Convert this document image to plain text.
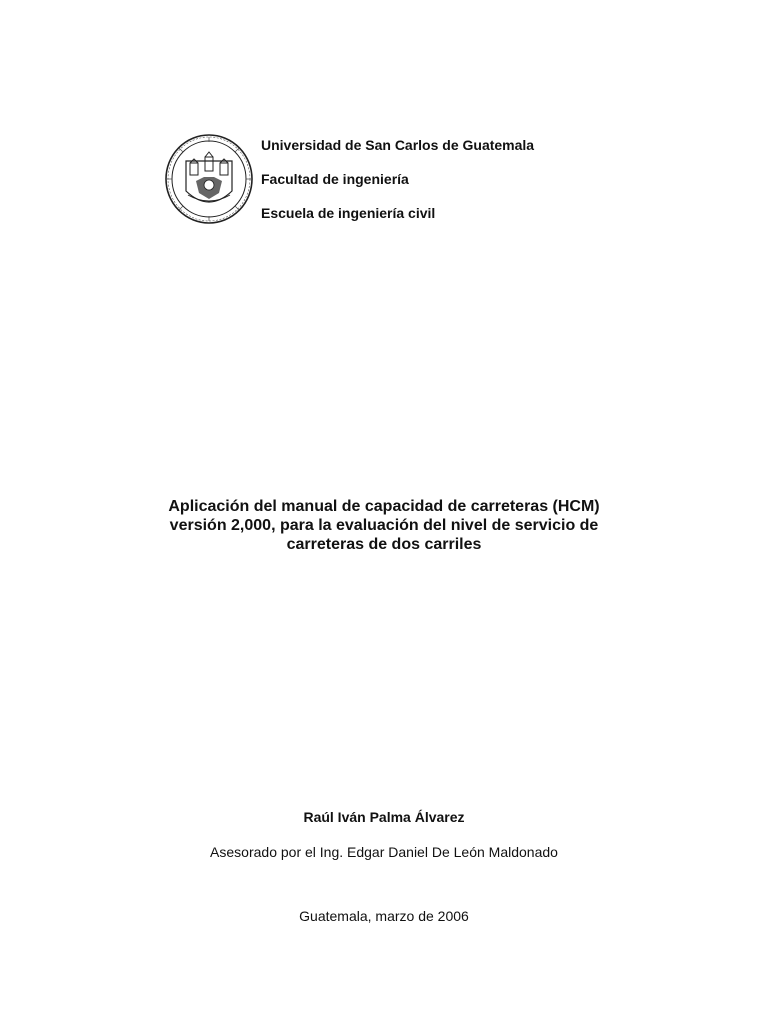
Universidad de San Carlos de Guatemala
Facultad de ingeniería
Escuela de ingeniería civil
Aplicación del manual de capacidad de carreteras (HCM)
versión 2,000, para la evaluación del nivel de servicio de
carreteras de dos carriles
Raúl Iván Palma Álvarez
Asesorado por el Ing. Edgar Daniel De León Maldonado
Guatemala, marzo de 2006
